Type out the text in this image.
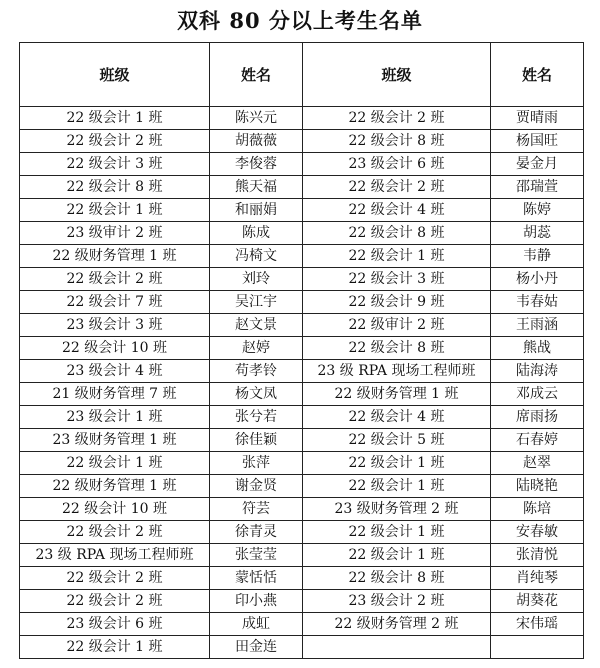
双科 80 分以上考生名单
班级	姓名	班级	姓名
22 级会计 1 班	陈兴元	22 级会计 2 班	贾晴雨
22 级会计 2 班	胡薇薇	22 级会计 8 班	杨国旺
22 级会计 3 班	李俊蓉	23 级会计 6 班	晏金月
22 级会计 8 班	熊天福	22 级会计 2 班	邵瑞萱
22 级会计 1 班	和丽娟	22 级会计 4 班	陈婷
23 级审计 2 班	陈成	22 级会计 8 班	胡蕊
22 级财务管理 1 班	冯椅文	22 级会计 1 班	韦静
22 级会计 2 班	刘玲	22 级会计 3 班	杨小丹
22 级会计 7 班	吴江宇	22 级会计 9 班	韦春姑
23 级会计 3 班	赵文景	22 级审计 2 班	王雨涵
22 级会计 10 班	赵婷	22 级会计 8 班	熊战
23 级会计 4 班	苟孝铃	23 级 RPA 现场工程师班	陆海涛
21 级财务管理 7 班	杨文凤	22 级财务管理 1 班	邓成云
23 级会计 1 班	张兮若	22 级会计 4 班	席雨扬
23 级财务管理 1 班	徐佳颖	22 级会计 5 班	石春婷
22 级会计 1 班	张萍	22 级会计 1 班	赵翠
22 级财务管理 1 班	谢金贤	22 级会计 1 班	陆晓艳
22 级会计 10 班	符芸	23 级财务管理 2 班	陈培
22 级会计 2 班	徐青灵	22 级会计 1 班	安春敏
23 级 RPA 现场工程师班	张莹莹	22 级会计 1 班	张清悦
22 级会计 2 班	蒙恬恬	22 级会计 8 班	肖纯琴
22 级会计 2 班	印小燕	23 级会计 2 班	胡葵花
23 级会计 6 班	成虹	22 级财务管理 2 班	宋伟瑶
22 级会计 1 班	田金连		
